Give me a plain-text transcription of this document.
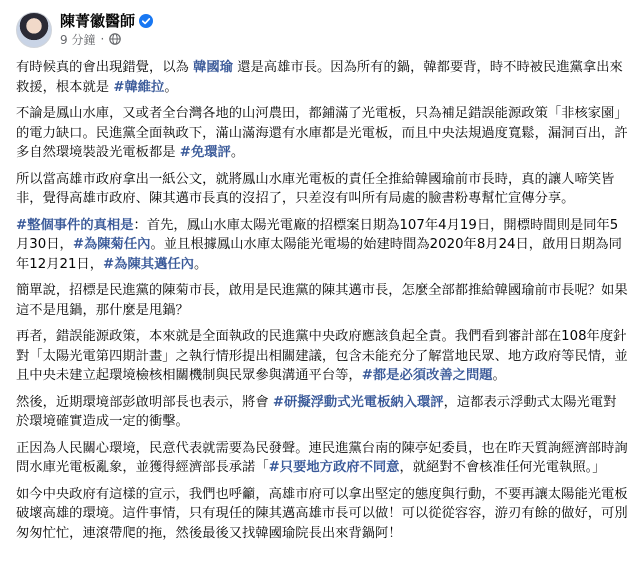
陳菁徽醫師
9 分鐘 ·

有時候真的會出現錯覺，以為 韓國瑜 還是高雄市長。因為所有的鍋，韓都要背，時不時被民進黨拿出來救援，根本就是 #韓維拉。

不論是鳳山水庫，又或者全台灣各地的山河農田，都鋪滿了光電板，只為補足錯誤能源政策「非核家園」的電力缺口。民進黨全面執政下，滿山滿海還有水庫都是光電板，而且中央法規過度寬鬆，漏洞百出，許多自然環境裝設光電板都是 #免環評。

所以當高雄市政府拿出一紙公文，就將鳳山水庫光電板的責任全推給韓國瑜前市長時，真的讓人啼笑皆非，覺得高雄市政府、陳其邁市長真的沒招了，只差沒有叫所有局處的臉書粉專幫忙宣傳分享。

#整個事件的真相是：首先，鳳山水庫太陽光電廠的招標案日期為107年4月19日，開標時間則是同年5月30日，#為陳菊任內。並且根據鳳山水庫太陽能光電場的始建時間為2020年8月24日，啟用日期為同年12月21日，#為陳其邁任內。

簡單說，招標是民進黨的陳菊市長，啟用是民進黨的陳其邁市長，怎麼全部都推給韓國瑜前市長呢？如果這不是甩鍋，那什麼是甩鍋？

再者，錯誤能源政策，本來就是全面執政的民進黨中央政府應該負起全責。我們看到審計部在108年度針對「太陽光電第四期計畫」之執行情形提出相關建議，包含未能充分了解當地民眾、地方政府等民情，並且中央未建立起環境檢核相關機制與民眾參與溝通平台等，#都是必須改善之問題。

然後，近期環境部彭啟明部長也表示，將會 #研擬浮動式光電板納入環評，這都表示浮動式太陽光電對於環境確實造成一定的衝擊。

正因為人民關心環境，民意代表就需要為民發聲。連民進黨台南的陳亭妃委員，也在昨天質詢經濟部時詢問水庫光電板亂象，並獲得經濟部長承諾「#只要地方政府不同意，就絕對不會核准任何光電執照。」

如今中央政府有這樣的宣示，我們也呼籲，高雄市府可以拿出堅定的態度與行動，不要再讓太陽能光電板破壞高雄的環境。這件事情，只有現任的陳其邁高雄市長可以做！可以從從容容，游刃有餘的做好，可別匆匆忙忙，連滾帶爬的拖，然後最後又找韓國瑜院長出來背鍋阿！
